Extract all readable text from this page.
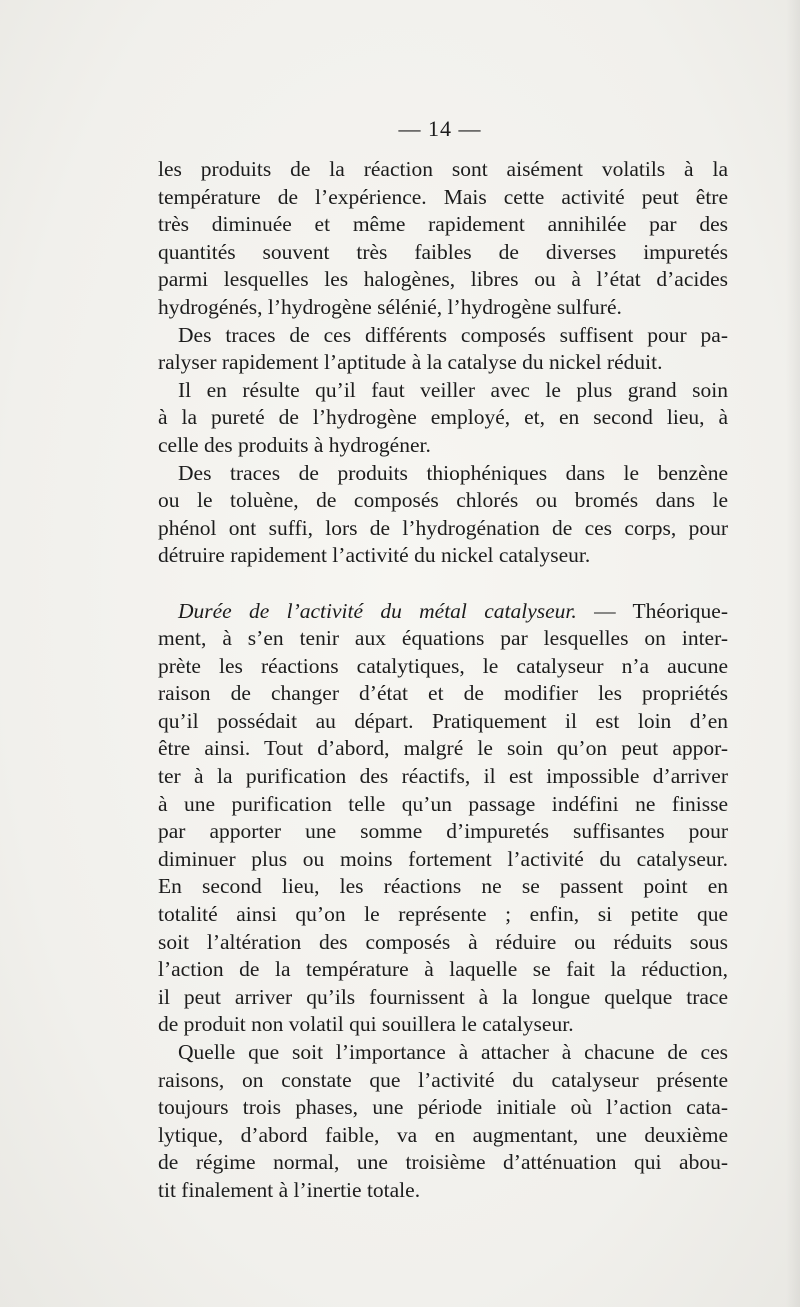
— 14 —
les produits de la réaction sont aisément volatils à la
température de l’expérience. Mais cette activité peut être
très diminuée et même rapidement annihilée par des
quantités souvent très faibles de diverses impuretés
parmi lesquelles les halogènes, libres ou à l’état d’acides
hydrogénés, l’hydrogène sélénié, l’hydrogène sulfuré.
Des traces de ces différents composés suffisent pour pa-
ralyser rapidement l’aptitude à la catalyse du nickel réduit.
Il en résulte qu’il faut veiller avec le plus grand soin
à la pureté de l’hydrogène employé, et, en second lieu, à
celle des produits à hydrogéner.
Des traces de produits thiophéniques dans le benzène
ou le toluène, de composés chlorés ou bromés dans le
phénol ont suffi, lors de l’hydrogénation de ces corps, pour
détruire rapidement l’activité du nickel catalyseur.
Durée de l’activité du métal catalyseur. — Théorique-
ment, à s’en tenir aux équations par lesquelles on inter-
prète les réactions catalytiques, le catalyseur n’a aucune
raison de changer d’état et de modifier les propriétés
qu’il possédait au départ. Pratiquement il est loin d’en
être ainsi. Tout d’abord, malgré le soin qu’on peut appor-
ter à la purification des réactifs, il est impossible d’arriver
à une purification telle qu’un passage indéfini ne finisse
par apporter une somme d’impuretés suffisantes pour
diminuer plus ou moins fortement l’activité du catalyseur.
En second lieu, les réactions ne se passent point en
totalité ainsi qu’on le représente ; enfin, si petite que
soit l’altération des composés à réduire ou réduits sous
l’action de la température à laquelle se fait la réduction,
il peut arriver qu’ils fournissent à la longue quelque trace
de produit non volatil qui souillera le catalyseur.
Quelle que soit l’importance à attacher à chacune de ces
raisons, on constate que l’activité du catalyseur présente
toujours trois phases, une période initiale où l’action cata-
lytique, d’abord faible, va en augmentant, une deuxième
de régime normal, une troisième d’atténuation qui abou-
tit finalement à l’inertie totale.
